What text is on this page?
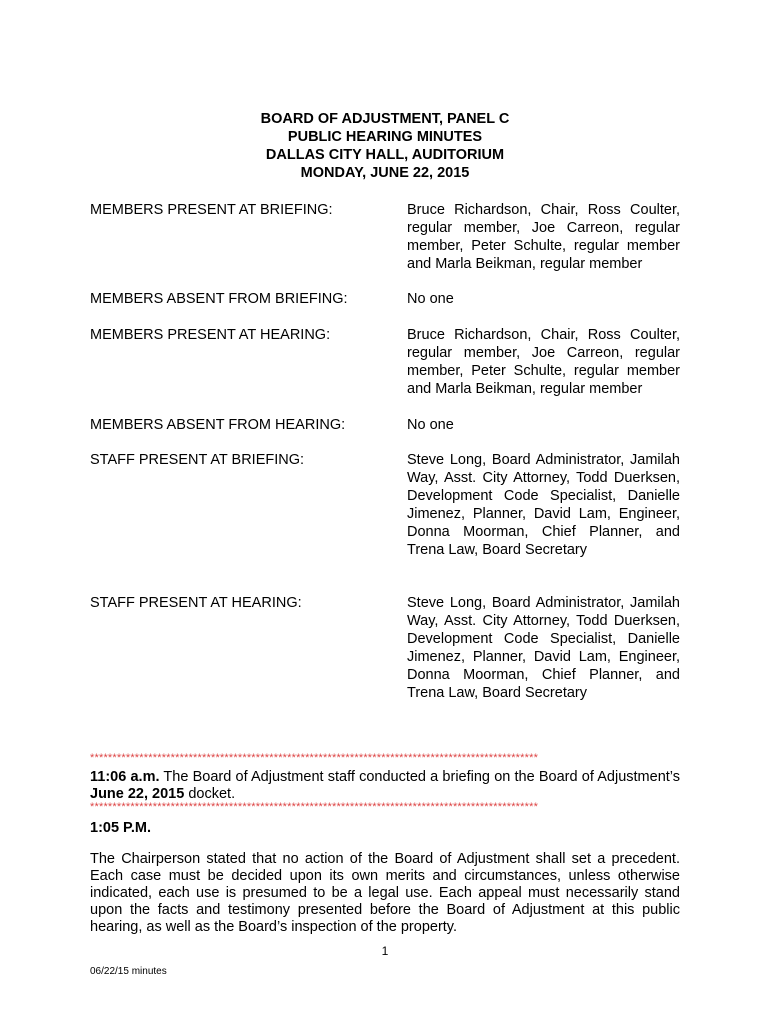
BOARD OF ADJUSTMENT, PANEL C
PUBLIC HEARING MINUTES
DALLAS CITY HALL, AUDITORIUM
MONDAY, JUNE 22, 2015
MEMBERS PRESENT AT BRIEFING:	Bruce Richardson, Chair, Ross Coulter, regular member, Joe Carreon, regular member, Peter Schulte, regular member and Marla Beikman, regular member
MEMBERS ABSENT FROM BRIEFING:	No one
MEMBERS PRESENT AT HEARING:	Bruce Richardson, Chair, Ross Coulter, regular member, Joe Carreon, regular member, Peter Schulte, regular member and Marla Beikman, regular member
MEMBERS ABSENT FROM HEARING:	No one
STAFF PRESENT AT BRIEFING:	Steve Long, Board Administrator, Jamilah Way, Asst. City Attorney, Todd Duerksen, Development Code Specialist, Danielle Jimenez, Planner, David Lam, Engineer, Donna Moorman, Chief Planner, and Trena Law, Board Secretary
STAFF PRESENT AT HEARING:	Steve Long, Board Administrator, Jamilah Way, Asst. City Attorney, Todd Duerksen, Development Code Specialist, Danielle Jimenez, Planner, David Lam, Engineer, Donna Moorman, Chief Planner, and Trena Law, Board Secretary
****************************************************************************************************
11:06 a.m. The Board of Adjustment staff conducted a briefing on the Board of Adjustment’s June 22, 2015 docket.
****************************************************************************************************
1:05 P.M.
The Chairperson stated that no action of the Board of Adjustment shall set a precedent. Each case must be decided upon its own merits and circumstances, unless otherwise indicated, each use is presumed to be a legal use. Each appeal must necessarily stand upon the facts and testimony presented before the Board of Adjustment at this public hearing, as well as the Board’s inspection of the property.
1
06/22/15 minutes
